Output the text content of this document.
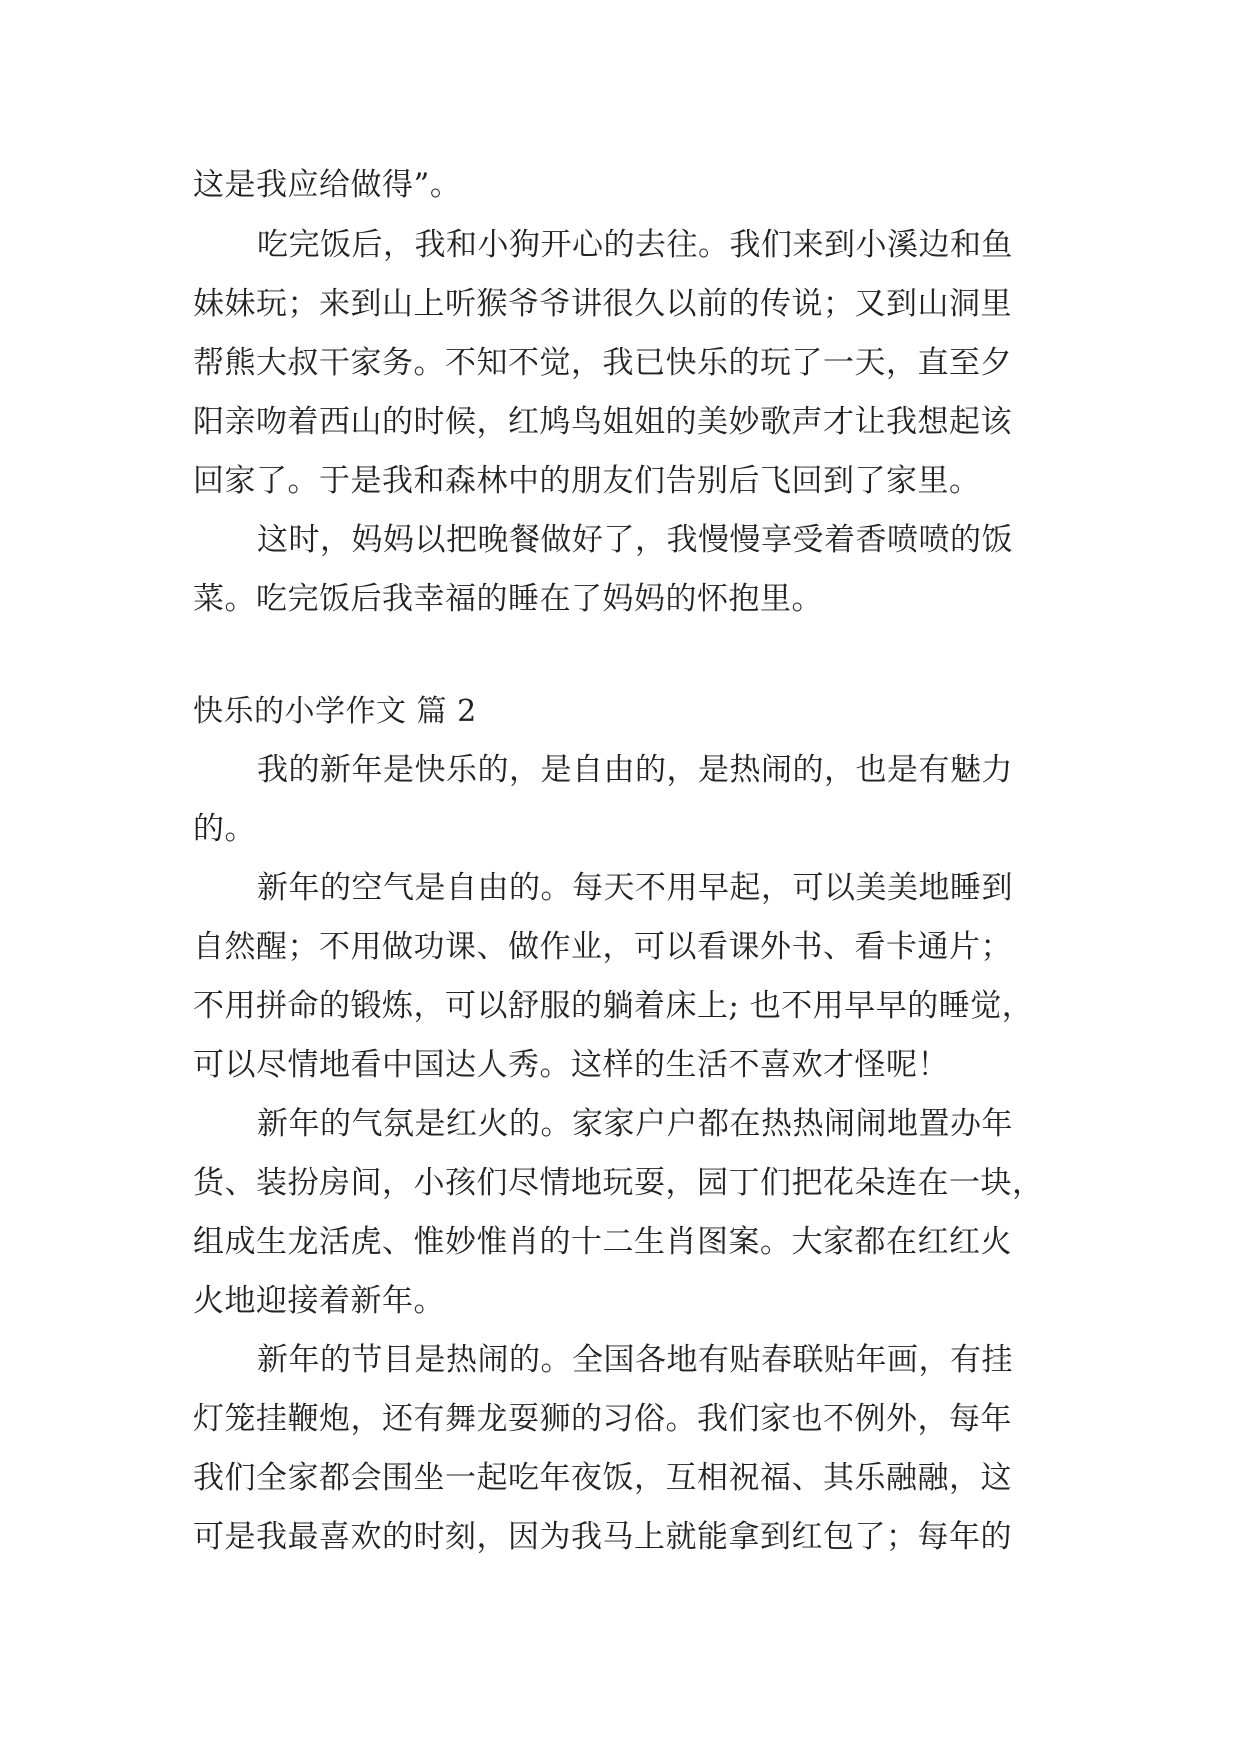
这是我应给做得”。
吃完饭后，我和小狗开心的去往。我们来到小溪边和鱼
妹妹玩；来到山上听猴爷爷讲很久以前的传说；又到山洞里
帮熊大叔干家务。不知不觉，我已快乐的玩了一天，直至夕
阳亲吻着西山的时候，红鸠鸟姐姐的美妙歌声才让我想起该
回家了。于是我和森林中的朋友们告别后飞回到了家里。
这时，妈妈以把晚餐做好了，我慢慢享受着香喷喷的饭
菜。吃完饭后我幸福的睡在了妈妈的怀抱里。
快乐的小学作文 篇 2
我的新年是快乐的，是自由的，是热闹的，也是有魅力
的。
新年的空气是自由的。每天不用早起，可以美美地睡到
自然醒；不用做功课、做作业，可以看课外书、看卡通片；
不用拼命的锻炼，可以舒服的躺着床上; 也不用早早的睡觉，
可以尽情地看中国达人秀。这样的生活不喜欢才怪呢！
新年的气氛是红火的。家家户户都在热热闹闹地置办年
货、装扮房间，小孩们尽情地玩耍，园丁们把花朵连在一块，
组成生龙活虎、惟妙惟肖的十二生肖图案。大家都在红红火
火地迎接着新年。
新年的节目是热闹的。全国各地有贴春联贴年画，有挂
灯笼挂鞭炮，还有舞龙耍狮的习俗。我们家也不例外，每年
我们全家都会围坐一起吃年夜饭，互相祝福、其乐融融，这
可是我最喜欢的时刻，因为我马上就能拿到红包了；每年的
